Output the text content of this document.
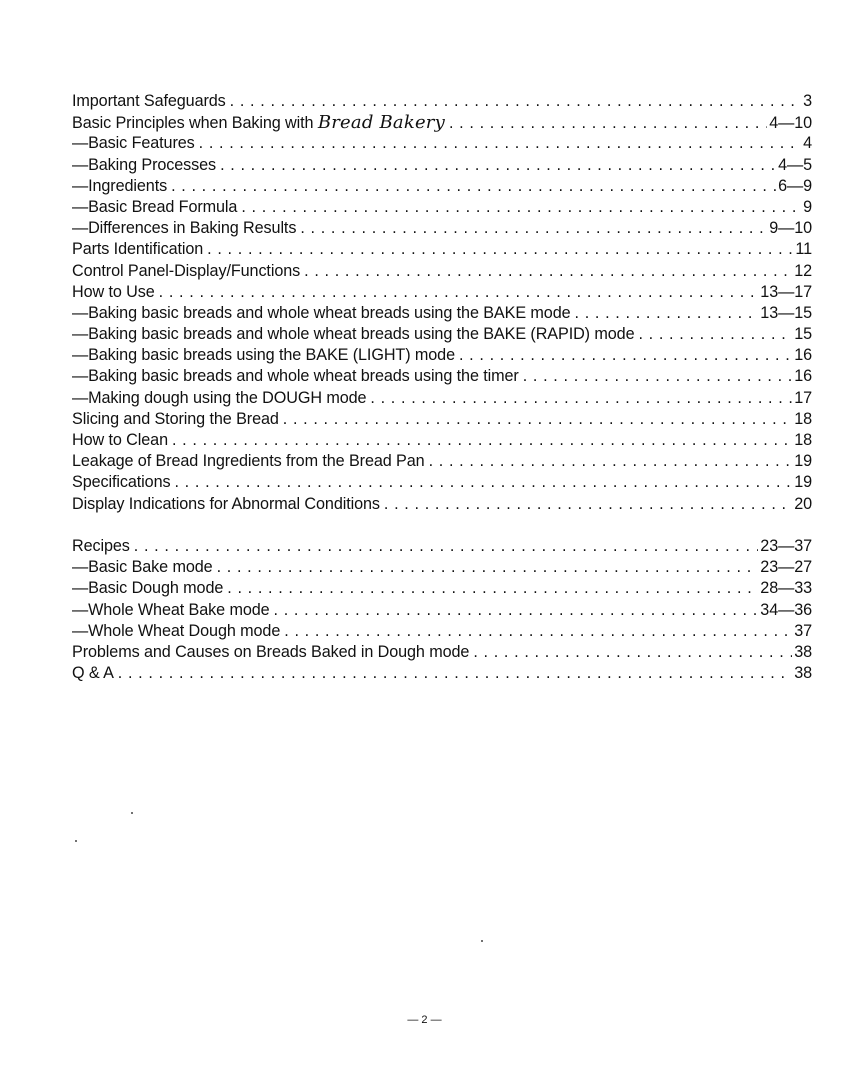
Important Safeguards . . .	3
Basic Principles when Baking with Bread Bakery . . .	4—10
—Basic Features . . .	4
—Baking Processes . . .	4—5
—Ingredients . . .	6—9
—Basic Bread Formula . . .	9
—Differences in Baking Results . . .	9—10
Parts Identification . . .	11
Control Panel-Display/Functions . . .	12
How to Use . . .	13—17
—Baking basic breads and whole wheat breads using the BAKE mode . . .	13—15
—Baking basic breads and whole wheat breads using the BAKE (RAPID) mode . . .	15
—Baking basic breads using the BAKE (LIGHT) mode . . .	16
—Baking basic breads and whole wheat breads using the timer . . .	16
—Making dough using the DOUGH mode . . .	17
Slicing and Storing the Bread . . .	18
How to Clean . . .	18
Leakage of Bread Ingredients from the Bread Pan . . .	19
Specifications . . .	19
Display Indications for Abnormal Conditions . . .	20
Recipes . . .	23—37
—Basic Bake mode . . .	23—27
—Basic Dough mode . . .	28—33
—Whole Wheat Bake mode . . .	34—36
—Whole Wheat Dough mode . . .	37
Problems and Causes on Breads Baked in Dough mode . . .	38
Q & A . . .	38
— 2 —
